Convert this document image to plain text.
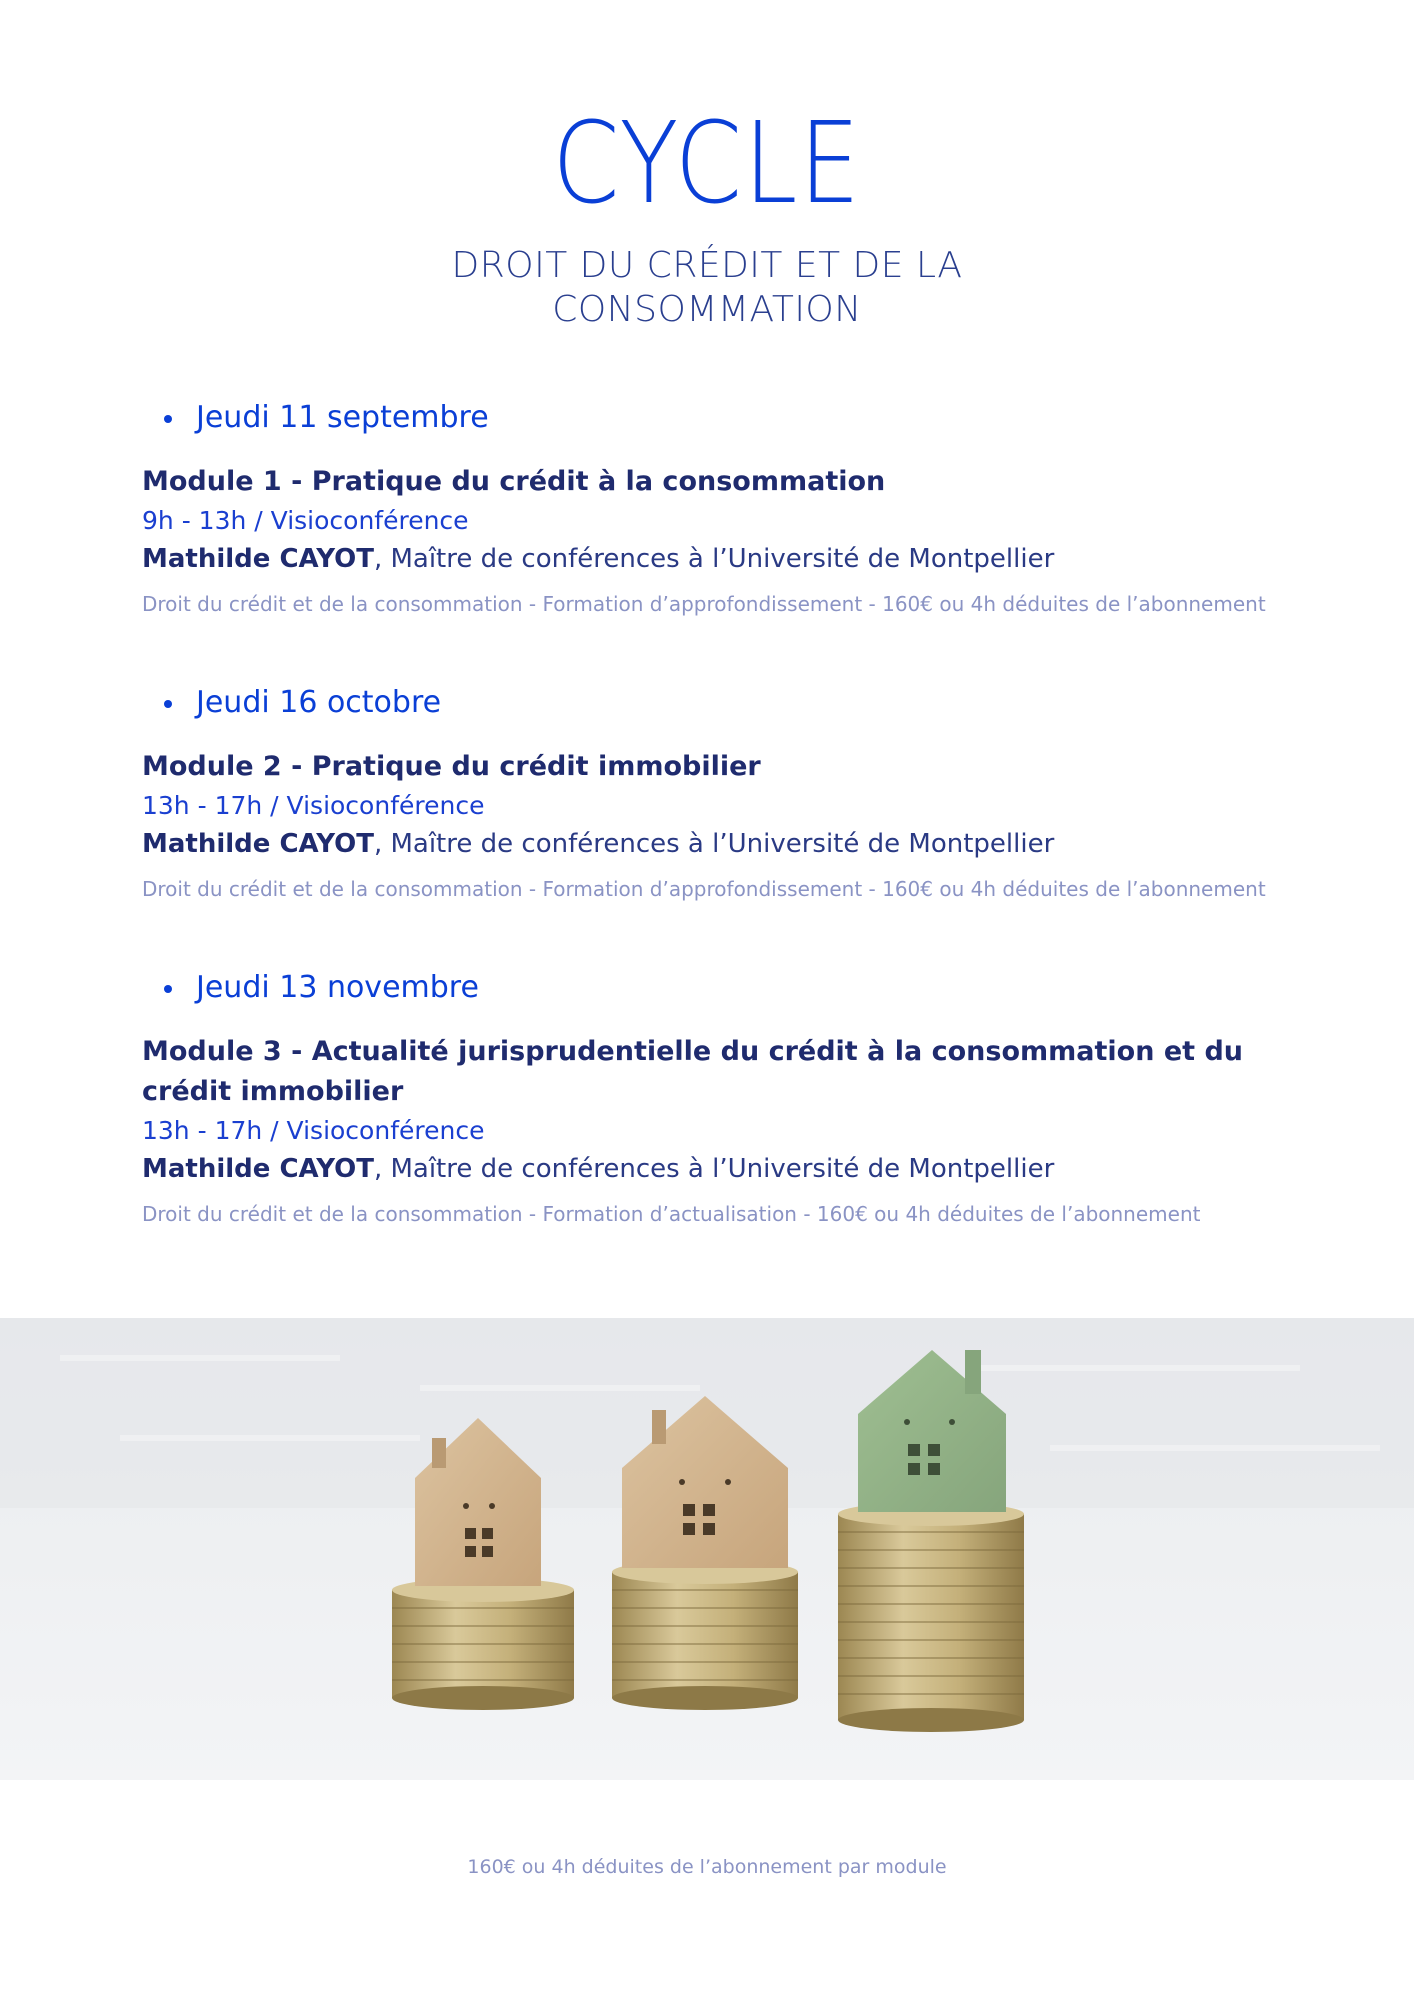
CYCLE
DROIT DU CRÉDIT ET DE LA CONSOMMATION
Jeudi 11 septembre
Module 1 - Pratique du crédit à la consommation
9h - 13h / Visioconférence
Mathilde CAYOT, Maître de conférences à l’Université de Montpellier
Droit du crédit et de la consommation - Formation d’approfondissement - 160€ ou 4h déduites de l’abonnement
Jeudi 16 octobre
Module 2 - Pratique du crédit immobilier
13h - 17h / Visioconférence
Mathilde CAYOT, Maître de conférences à l’Université de Montpellier
Droit du crédit et de la consommation - Formation d’approfondissement - 160€ ou 4h déduites de l’abonnement
Jeudi 13 novembre
Module 3 - Actualité jurisprudentielle du crédit à la consommation et du crédit immobilier
13h - 17h / Visioconférence
Mathilde CAYOT, Maître de conférences à l’Université de Montpellier
Droit du crédit et de la consommation - Formation d’actualisation - 160€ ou 4h déduites de l’abonnement
160€ ou 4h déduites de l’abonnement par module
